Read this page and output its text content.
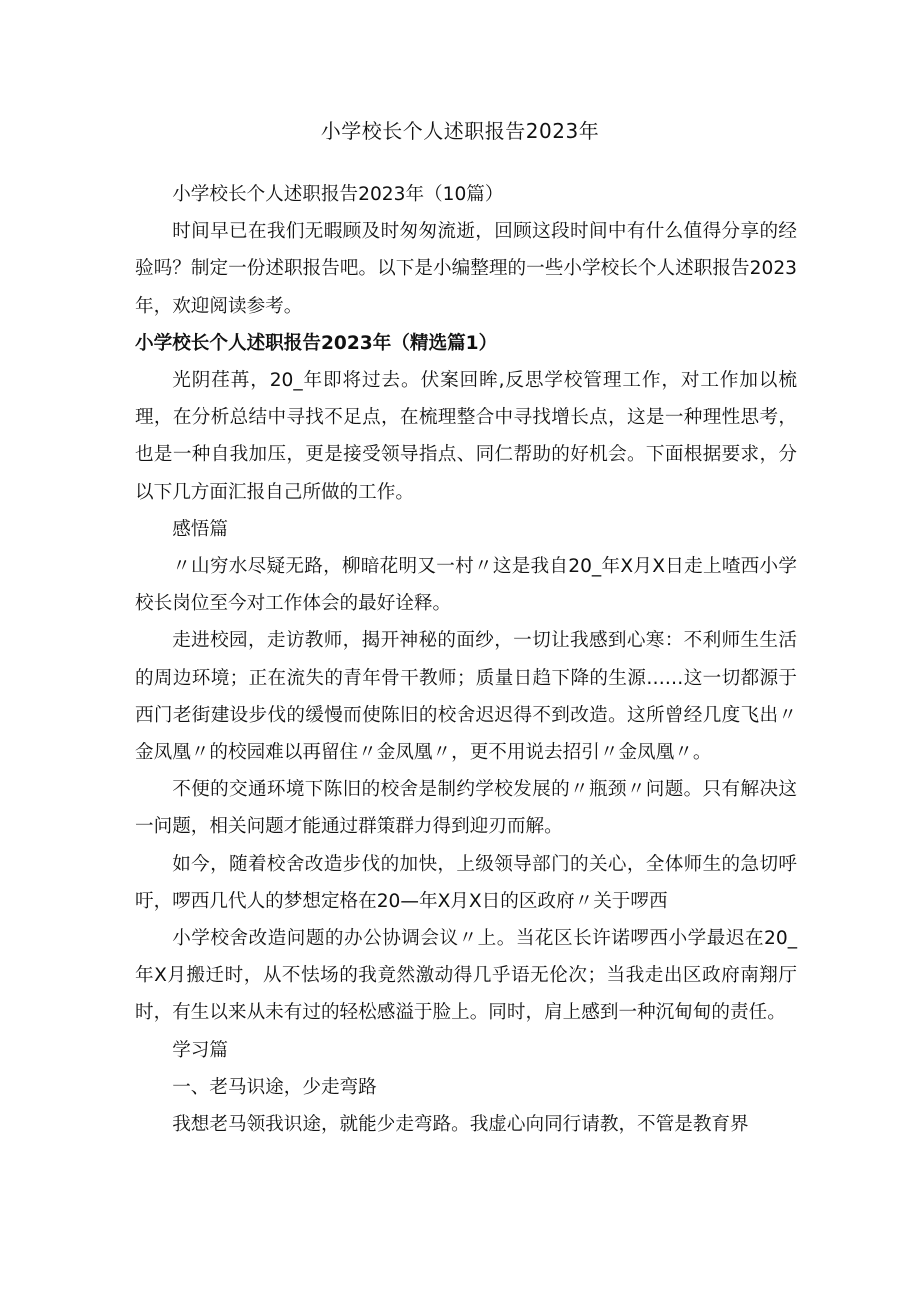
小学校长个人述职报告2023年

小学校长个人述职报告2023年（10篇）

时间早已在我们无暇顾及时匆匆流逝，回顾这段时间中有什么值得分享的经验吗？制定一份述职报告吧。以下是小编整理的一些小学校长个人述职报告2023年，欢迎阅读参考。

小学校长个人述职报告2023年（精选篇1）

光阴荏苒，20_年即将过去。伏案回眸,反思学校管理工作，对工作加以梳理，在分析总结中寻找不足点，在梳理整合中寻找增长点，这是一种理性思考，也是一种自我加压，更是接受领导指点、同仁帮助的好机会。下面根据要求，分以下几方面汇报自己所做的工作。

感悟篇

〃山穷水尽疑无路，柳暗花明又一村〃这是我自20_年X月X日走上喳西小学校长岗位至今对工作体会的最好诠释。

走进校园，走访教师，揭开神秘的面纱，一切让我感到心寒：不利师生生活的周边环境；正在流失的青年骨干教师；质量日趋下降的生源……这一切都源于西门老街建设步伐的缓慢而使陈旧的校舍迟迟得不到改造。这所曾经几度飞出〃金凤凰〃的校园难以再留住〃金凤凰〃，更不用说去招引〃金凤凰〃。

不便的交通环境下陈旧的校舍是制约学校发展的〃瓶颈〃问题。只有解决这一问题，相关问题才能通过群策群力得到迎刃而解。

如今，随着校舍改造步伐的加快，上级领导部门的关心，全体师生的急切呼吁，啰西几代人的梦想定格在20—年X月X日的区政府〃关于啰西

小学校舍改造问题的办公协调会议〃上。当花区长许诺啰西小学最迟在20_年X月搬迁时，从不怯场的我竟然激动得几乎语无伦次；当我走出区政府南翔厅时，有生以来从未有过的轻松感溢于脸上。同时，肩上感到一种沉甸甸的责任。

学习篇

一、老马识途，少走弯路

我想老马领我识途，就能少走弯路。我虚心向同行请教，不管是教育界
